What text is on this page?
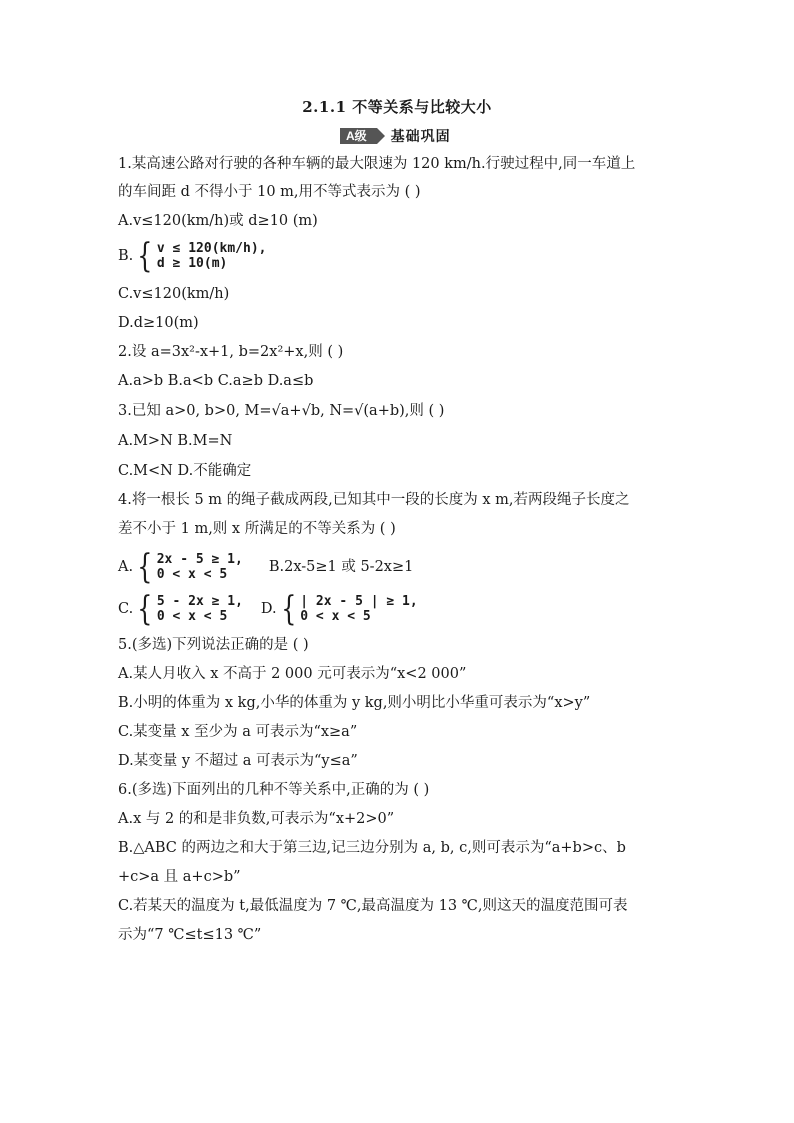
2.1.1 不等关系与比较大小
A级	基础巩固
1.某高速公路对行驶的各种车辆的最大限速为 120 km/h.行驶过程中,同一车道上
的车间距 d 不得小于 10 m,用不等式表示为 ( )
A.v≤120(km/h)或 d≥10 (m)
B. { v ≤ 120(km/h),
d ≥ 10(m)
C.v≤120(km/h)
D.d≥10(m)
2.设 a=3x²-x+1, b=2x²+x,则 ( )
A.a>b B.a<b C.a≥b D.a≤b
3.已知 a>0, b>0, M=√a+√b, N=√(a+b),则 ( )
A.M>N B.M=N
C.M<N D.不能确定
4.将一根长 5 m 的绳子截成两段,已知其中一段的长度为 x m,若两段绳子长度之
差不小于 1 m,则 x 所满足的不等关系为 ( )
A. { 2x - 5 ≥ 1,
0 < x < 5	B.2x-5≥1 或 5-2x≥1
C. { 5 - 2x ≥ 1,
0 < x < 5	D. { | 2x - 5 | ≥ 1,
0 < x < 5
5.(多选)下列说法正确的是 ( )
A.某人月收入 x 不高于 2 000 元可表示为“x<2 000”
B.小明的体重为 x kg,小华的体重为 y kg,则小明比小华重可表示为“x>y”
C.某变量 x 至少为 a 可表示为“x≥a”
D.某变量 y 不超过 a 可表示为“y≤a”
6.(多选)下面列出的几种不等关系中,正确的为 ( )
A.x 与 2 的和是非负数,可表示为“x+2>0”
B.△ABC 的两边之和大于第三边,记三边分别为 a, b, c,则可表示为“a+b>c、b
+c>a 且 a+c>b”
C.若某天的温度为 t,最低温度为 7 ℃,最高温度为 13 ℃,则这天的温度范围可表
示为“7 ℃≤t≤13 ℃”
